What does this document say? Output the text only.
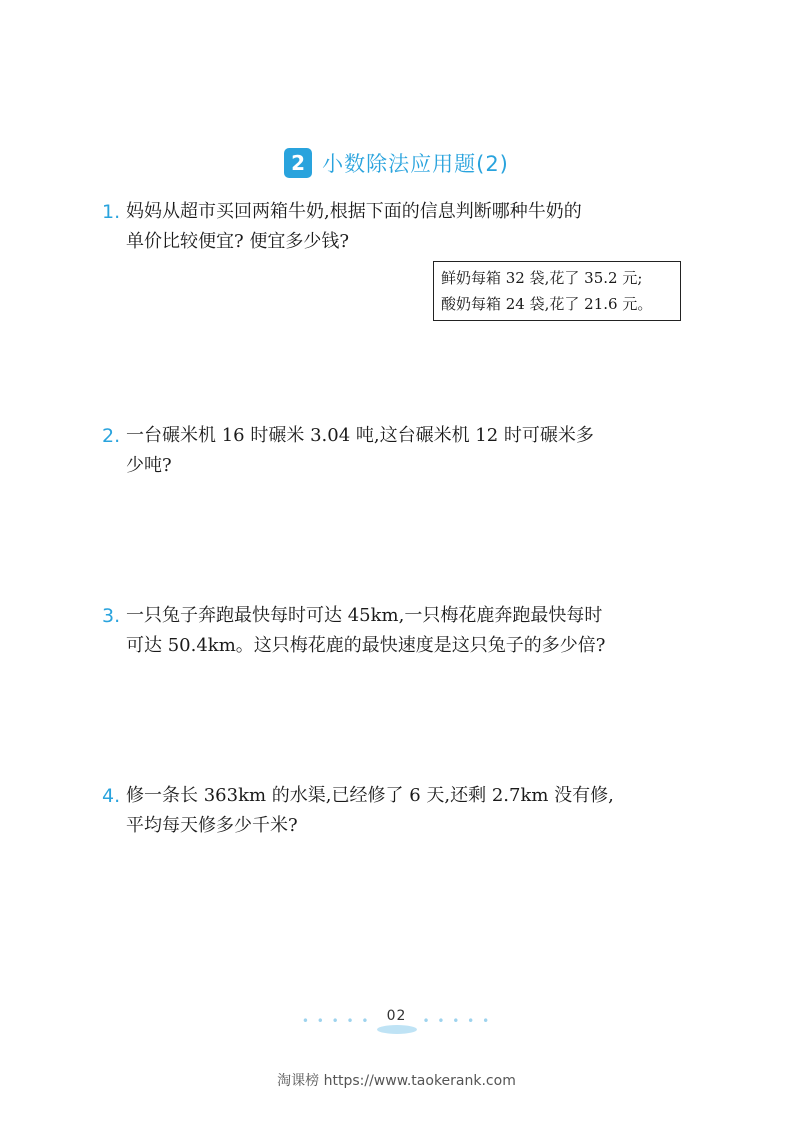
2 小数除法应用题(2)
1. 妈妈从超市买回两箱牛奶,根据下面的信息判断哪种牛奶的
单价比较便宜? 便宜多少钱?
鲜奶每箱 32 袋,花了 35.2 元;
酸奶每箱 24 袋,花了 21.6 元。
2. 一台碾米机 16 时碾米 3.04 吨,这台碾米机 12 时可碾米多
少吨?
3. 一只兔子奔跑最快每时可达 45km,一只梅花鹿奔跑最快每时
可达 50.4km。这只梅花鹿的最快速度是这只兔子的多少倍?
4. 修一条长 363km 的水渠,已经修了 6 天,还剩 2.7km 没有修,
平均每天修多少千米?
• • • • • 02 • • • • •
淘课榜 https://www.taokerank.com
